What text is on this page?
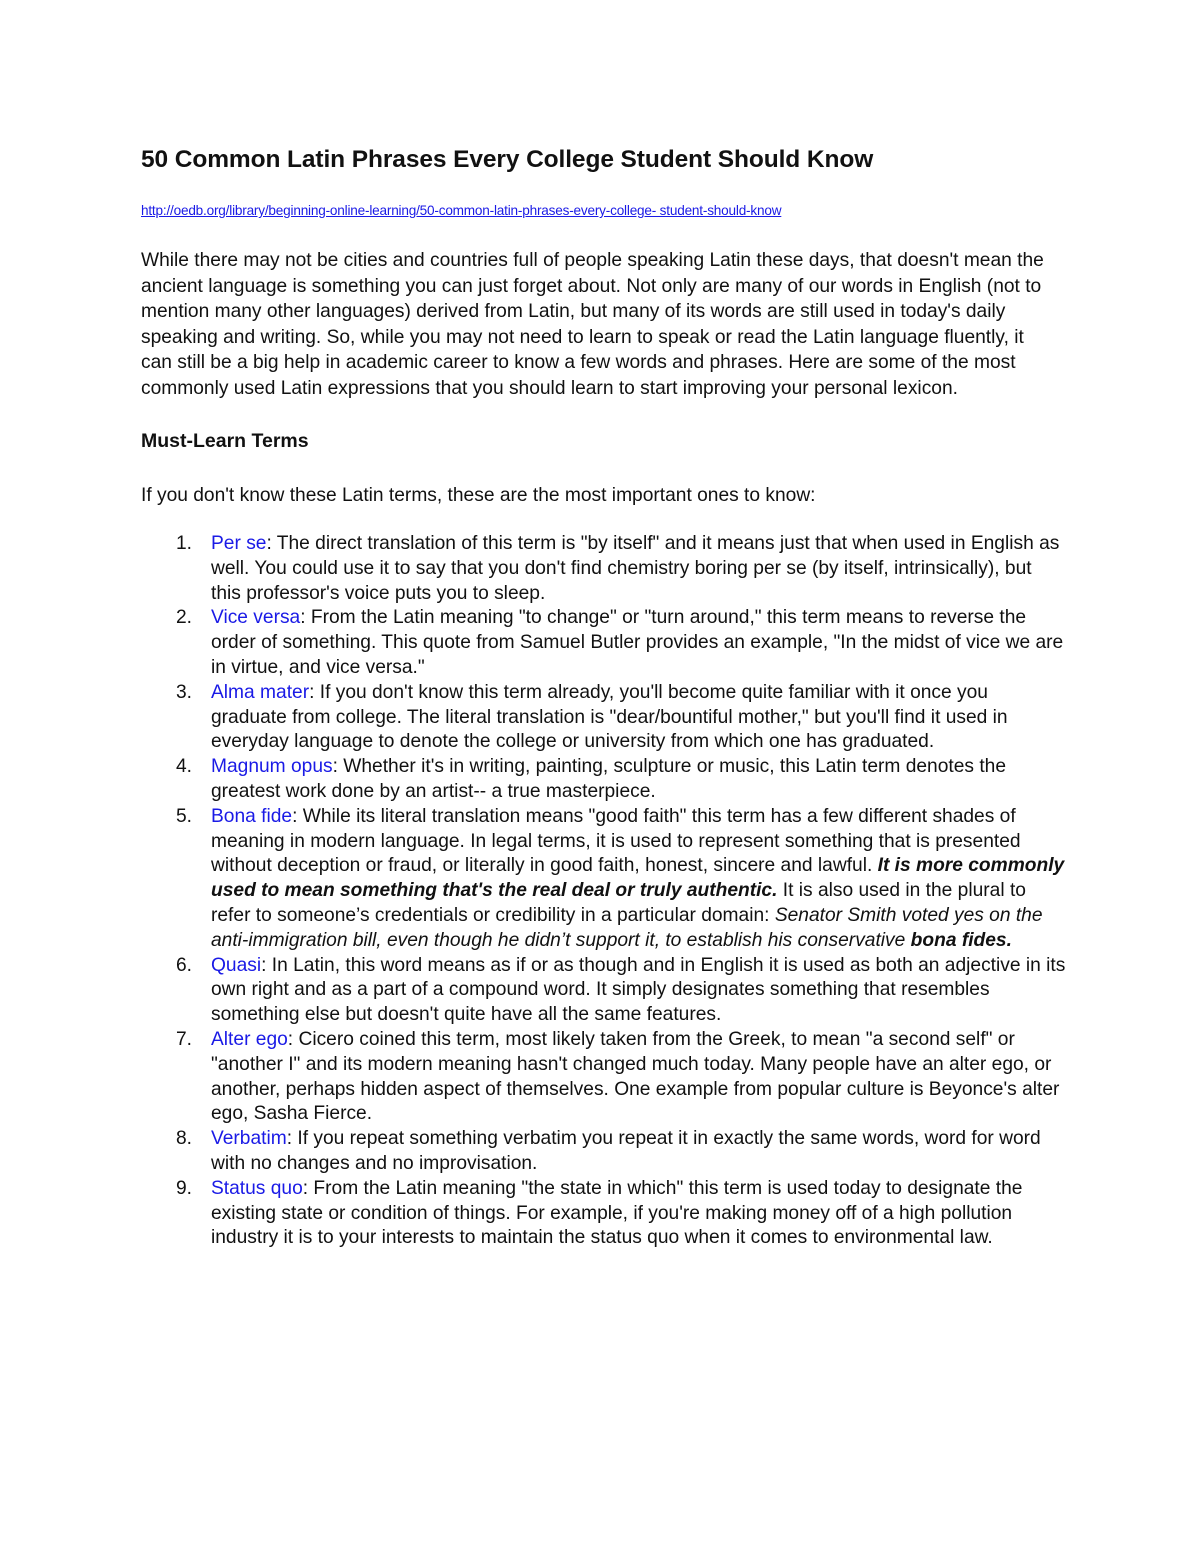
50 Common Latin Phrases Every College Student Should Know
http://oedb.org/library/beginning-online-learning/50-common-latin-phrases-every-college- student-should-know

While there may not be cities and countries full of people speaking Latin these days, that doesn't mean the ancient language is something you can just forget about. Not only are many of our words in English (not to mention many other languages) derived from Latin, but many of its words are still used in today's daily speaking and writing. So, while you may not need to learn to speak or read the Latin language fluently, it can still be a big help in academic career to know a few words and phrases. Here are some of the most commonly used Latin expressions that you should learn to start improving your personal lexicon.

Must-Learn Terms

If you don't know these Latin terms, these are the most important ones to know:

1. Per se: The direct translation of this term is "by itself" and it means just that when used in English as well. You could use it to say that you don't find chemistry boring per se (by itself, intrinsically), but this professor's voice puts you to sleep.
2. Vice versa: From the Latin meaning "to change" or "turn around," this term means to reverse the order of something. This quote from Samuel Butler provides an example, "In the midst of vice we are in virtue, and vice versa."
3. Alma mater: If you don't know this term already, you'll become quite familiar with it once you graduate from college. The literal translation is "dear/bountiful mother," but you'll find it used in everyday language to denote the college or university from which one has graduated.
4. Magnum opus: Whether it's in writing, painting, sculpture or music, this Latin term denotes the greatest work done by an artist-- a true masterpiece.
5. Bona fide: While its literal translation means "good faith" this term has a few different shades of meaning in modern language. In legal terms, it is used to represent something that is presented without deception or fraud, or literally in good faith, honest, sincere and lawful. It is more commonly used to mean something that's the real deal or truly authentic. It is also used in the plural to refer to someone’s credentials or credibility in a particular domain: Senator Smith voted yes on the anti-immigration bill, even though he didn’t support it, to establish his conservative bona fides.
6. Quasi: In Latin, this word means as if or as though and in English it is used as both an adjective in its own right and as a part of a compound word. It simply designates something that resembles something else but doesn't quite have all the same features.
7. Alter ego: Cicero coined this term, most likely taken from the Greek, to mean "a second self" or "another I" and its modern meaning hasn't changed much today. Many people have an alter ego, or another, perhaps hidden aspect of themselves. One example from popular culture is Beyonce's alter ego, Sasha Fierce.
8. Verbatim: If you repeat something verbatim you repeat it in exactly the same words, word for word with no changes and no improvisation.
9. Status quo: From the Latin meaning "the state in which" this term is used today to designate the existing state or condition of things. For example, if you're making money off of a high pollution industry it is to your interests to maintain the status quo when it comes to environmental law.
